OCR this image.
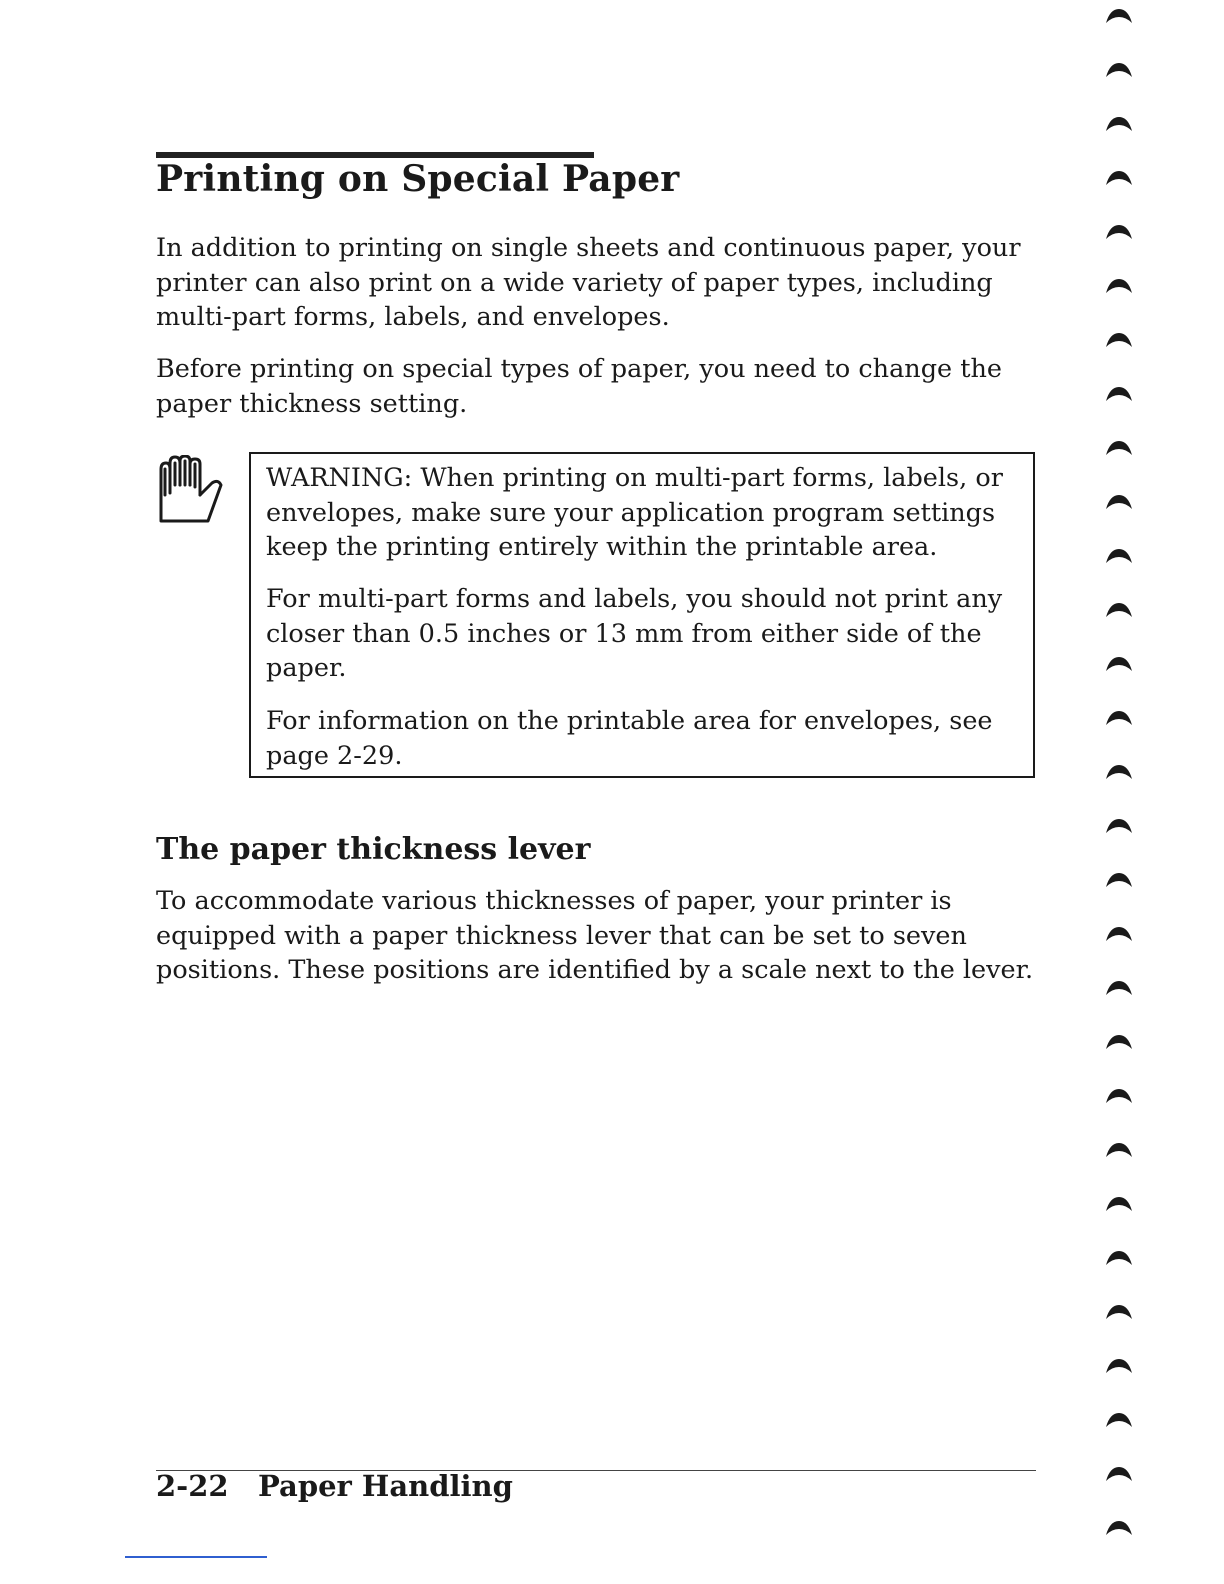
Printing on Special Paper

In addition to printing on single sheets and continuous paper, your printer can also print on a wide variety of paper types, including multi-part forms, labels, and envelopes.

Before printing on special types of paper, you need to change the paper thickness setting.

WARNING: When printing on multi-part forms, labels, or envelopes, make sure your application program settings keep the printing entirely within the printable area.

For multi-part forms and labels, you should not print any closer than 0.5 inches or 13 mm from either side of the paper.

For information on the printable area for envelopes, see page 2-29.

The paper thickness lever

To accommodate various thicknesses of paper, your printer is equipped with a paper thickness lever that can be set to seven positions. These positions are identified by a scale next to the lever.

2-22 Paper Handling
